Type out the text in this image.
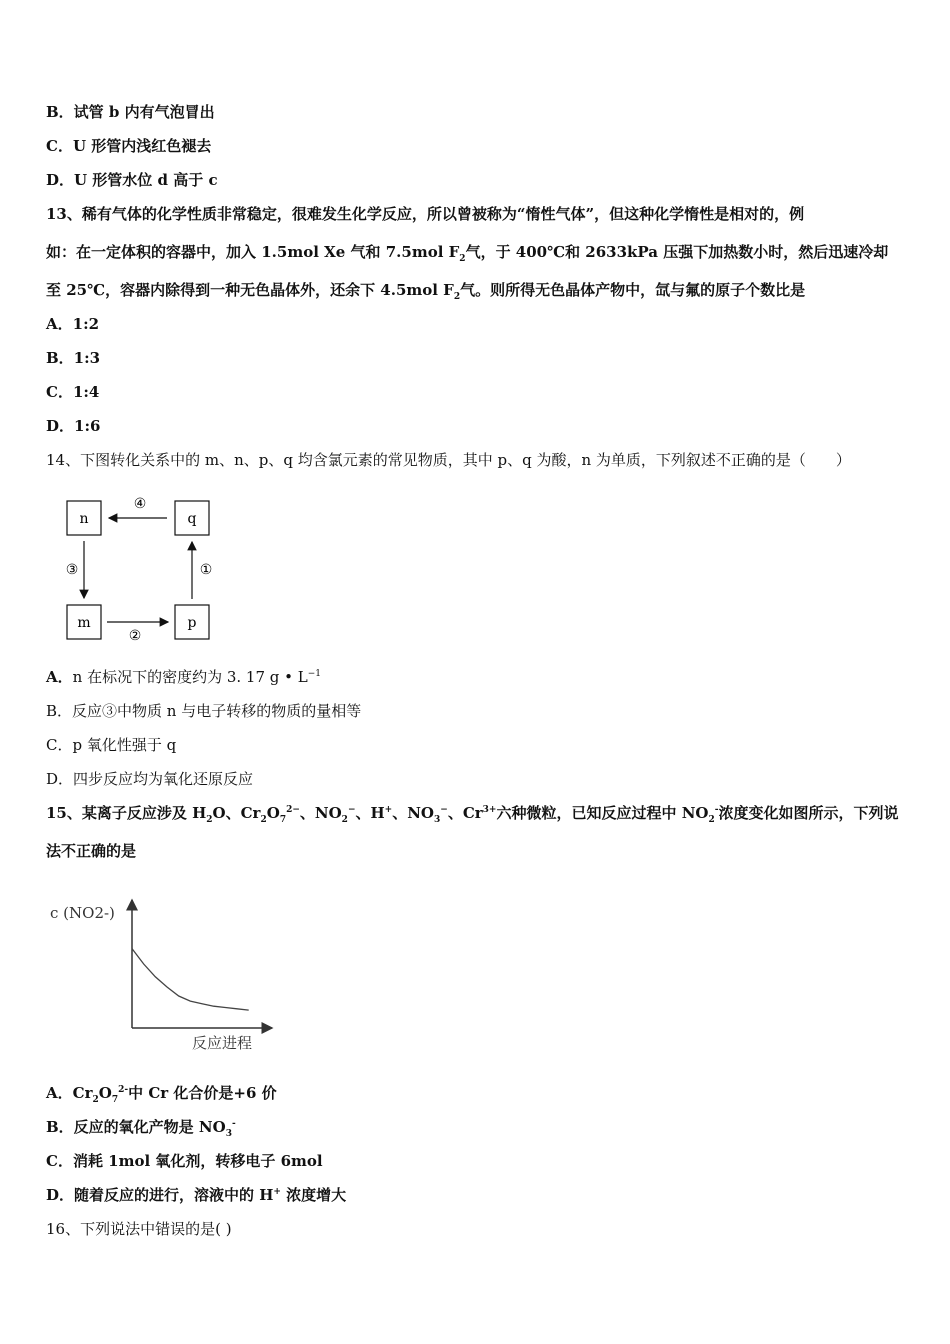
B．试管 b 内有气泡冒出
C．U 形管内浅红色褪去
D．U 形管水位 d 高于 c
13、稀有气体的化学性质非常稳定，很难发生化学反应，所以曾被称为“惰性气体”，但这种化学惰性是相对的，例
如：在一定体积的容器中，加入 1.5mol Xe 气和 7.5mol $F_2$气，于 400℃和 2633kPa 压强下加热数小时，然后迅速冷却
至 25℃，容器内除得到一种无色晶体外，还余下 4.5mol $F_2$气。则所得无色晶体产物中，氙与氟的原子个数比是
A．1:2
B．1:3
C．1:4
D．1:6
14、下图转化关系中的 m、n、p、q 均含氯元素的常见物质，其中 p、q 为酸，n 为单质，下列叙述不正确的是（　　）
n	q
m	p
④
③
②
①
A．n 在标况下的密度约为 3. 17 g • $L^{-1}$
B．反应③中物质 n 与电子转移的物质的量相等
C．p 氧化性强于 q
D．四步反应均为氧化还原反应
15、某离子反应涉及 $H_2O$、$Cr_2O_7^{2-}$、$NO_2^-$、H+、$NO_3^-$、$Cr^{3+}$六种微粒，已知反应过程中 $NO_2^-$浓度变化如图所示，下列说
法不正确的是
c (NO2-)
反应进程
A．$Cr_2O_7^{2-}$中 Cr 化合价是+6 价
B．反应的氧化产物是 $NO_3^-$
C．消耗 1mol 氧化剂，转移电子 6mol
D．随着反应的进行，溶液中的 H+ 浓度增大
16、下列说法中错误的是( )
